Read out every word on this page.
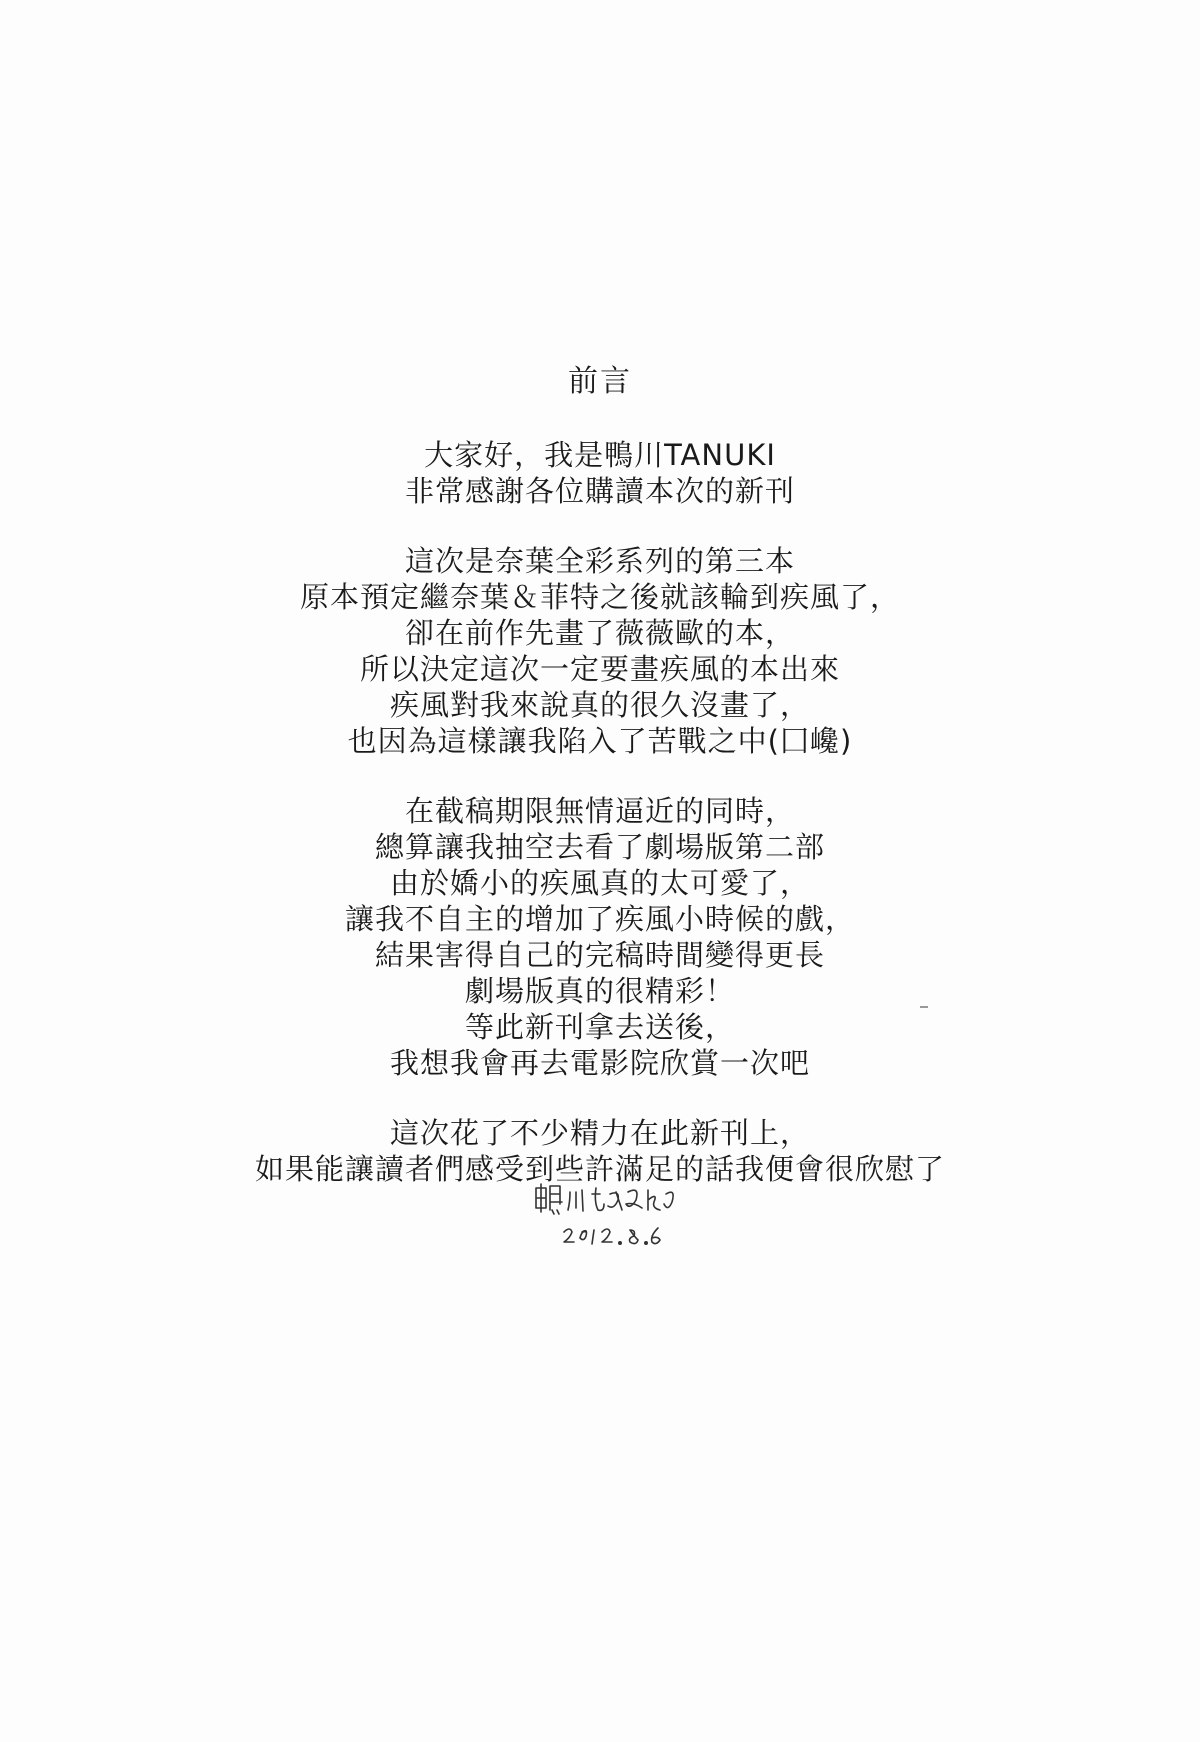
前言
大家好，我是鴨川TANUKI
非常感謝各位購讀本次的新刊
這次是奈葉全彩系列的第三本
原本預定繼奈葉＆菲特之後就該輪到疾風了，
卻在前作先畫了薇薇歐的本，
所以決定這次一定要畫疾風的本出來
疾風對我來說真的很久沒畫了，
也因為這樣讓我陷入了苦戰之中(囗巉)
在截稿期限無情逼近的同時，
總算讓我抽空去看了劇場版第二部
由於嬌小的疾風真的太可愛了，
讓我不自主的增加了疾風小時候的戲，
結果害得自己的完稿時間變得更長
劇場版真的很精彩！
等此新刊拿去送後，
我想我會再去電影院欣賞一次吧
這次花了不少精力在此新刊上，
如果能讓讀者們感受到些許滿足的話我便會很欣慰了
